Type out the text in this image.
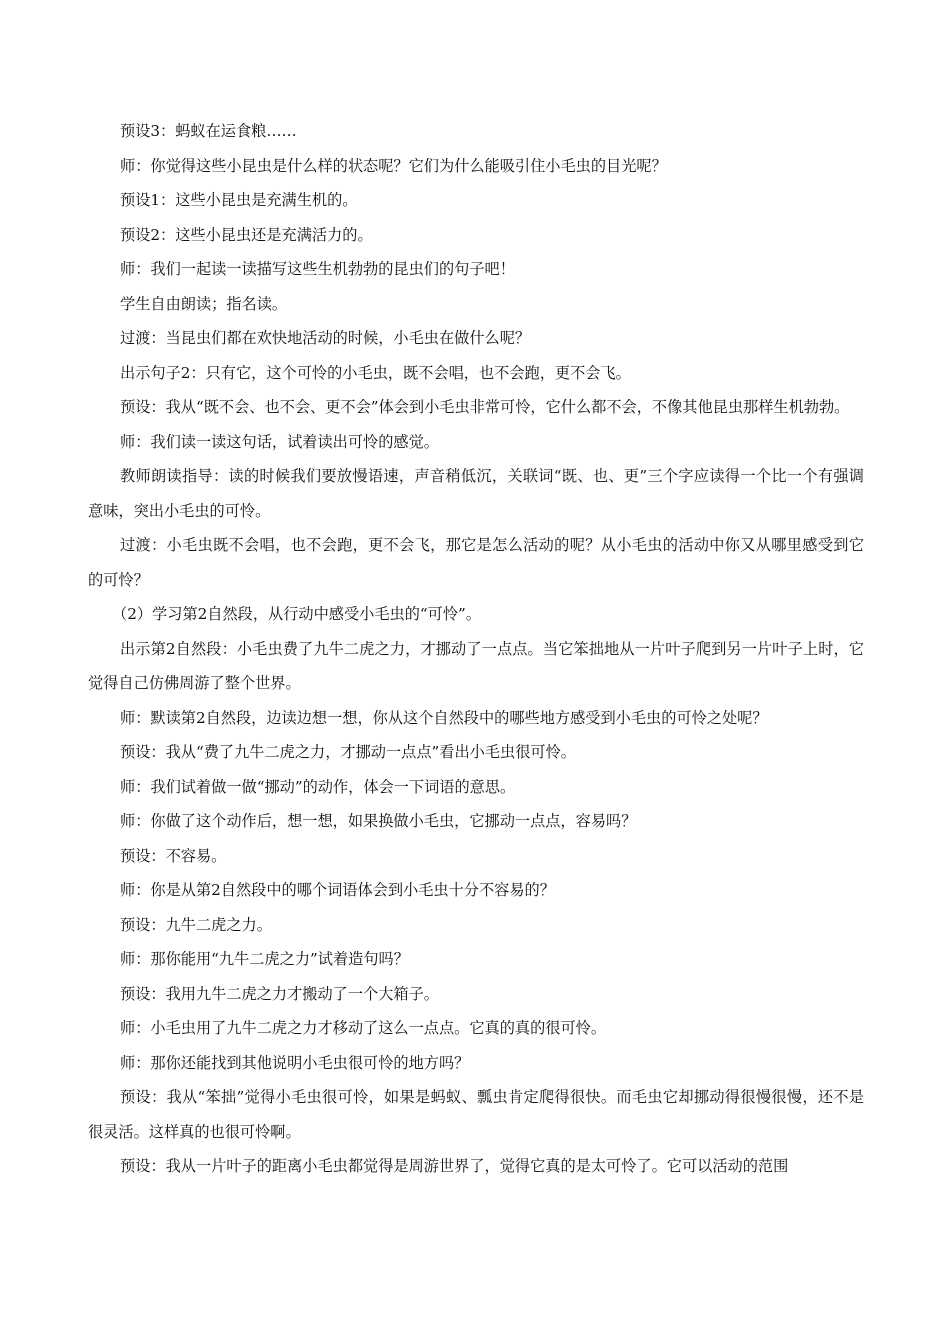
预设3：蚂蚁在运食粮……

师：你觉得这些小昆虫是什么样的状态呢？它们为什么能吸引住小毛虫的目光呢？

预设1：这些小昆虫是充满生机的。

预设2：这些小昆虫还是充满活力的。

师：我们一起读一读描写这些生机勃勃的昆虫们的句子吧！

学生自由朗读；指名读。

过渡：当昆虫们都在欢快地活动的时候，小毛虫在做什么呢？

出示句子2：只有它，这个可怜的小毛虫，既不会唱，也不会跑，更不会飞。

预设：我从“既不会、也不会、更不会”体会到小毛虫非常可怜，它什么都不会，不像其他昆虫那样生机勃勃。

师：我们读一读这句话，试着读出可怜的感觉。

教师朗读指导：读的时候我们要放慢语速，声音稍低沉，关联词“既、也、更”三个字应读得一个比一个有强调意味，突出小毛虫的可怜。

过渡：小毛虫既不会唱，也不会跑，更不会飞，那它是怎么活动的呢？从小毛虫的活动中你又从哪里感受到它的可怜？

（2）学习第2自然段，从行动中感受小毛虫的“可怜”。

出示第2自然段：小毛虫费了九牛二虎之力，才挪动了一点点。当它笨拙地从一片叶子爬到另一片叶子上时，它觉得自己仿佛周游了整个世界。

师：默读第2自然段，边读边想一想，你从这个自然段中的哪些地方感受到小毛虫的可怜之处呢？

预设：我从“费了九牛二虎之力，才挪动一点点”看出小毛虫很可怜。

师：我们试着做一做“挪动”的动作，体会一下词语的意思。

师：你做了这个动作后，想一想，如果换做小毛虫，它挪动一点点，容易吗？

预设：不容易。

师：你是从第2自然段中的哪个词语体会到小毛虫十分不容易的？

预设：九牛二虎之力。

师：那你能用“九牛二虎之力”试着造句吗？

预设：我用九牛二虎之力才搬动了一个大箱子。

师：小毛虫用了九牛二虎之力才移动了这么一点点。它真的真的很可怜。

师：那你还能找到其他说明小毛虫很可怜的地方吗？

预设：我从“笨拙”觉得小毛虫很可怜，如果是蚂蚁、瓢虫肯定爬得很快。而毛虫它却挪动得很慢很慢，还不是很灵活。这样真的也很可怜啊。

预设：我从一片叶子的距离小毛虫都觉得是周游世界了，觉得它真的是太可怜了。它可以活动的范围
